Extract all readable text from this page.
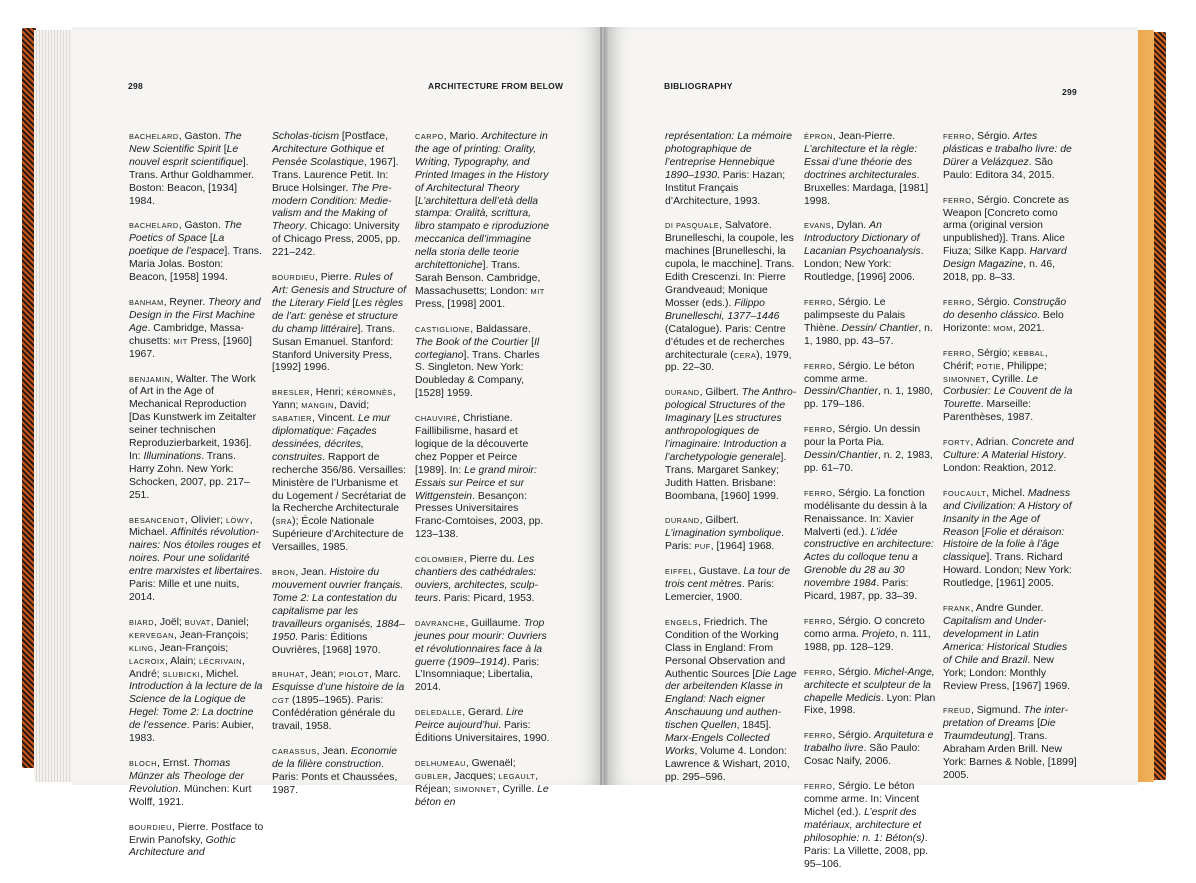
298	ARCHITECTURE FROM BELOW

BACHELARD, Gaston. The New Scientific Spirit [Le nouvel esprit scientifique]. Trans. Arthur Goldhammer. Boston: Beacon, [1934] 1984.

BACHELARD, Gaston. The Poetics of Space [La poetique de l’espace]. Trans. Maria Jolas. Boston: Beacon, [1958] 1994.

BANHAM, Reyner. Theory and Design in the First Machine Age. Cambridge, Massachusetts: MIT Press, [1960] 1967.

BENJAMIN, Walter. The Work of Art in the Age of Mechanical Reproduction [Das Kunstwerk im Zeitalter seiner technischen Reproduzierbarkeit, 1936]. In: Illuminations. Trans. Harry Zohn. New York: Schocken, 2007, pp. 217–251.

BESANCENOT, Olivier; LÖWY, Michael. Affinités révolutionnaires: Nos étoiles rouges et noires. Pour une solidarité entre marxistes et libertaires. Paris: Mille et une nuits, 2014.

BIARD, Joël; BUVAT, Daniel; KERVEGAN, Jean-François; KLING, Jean-François; LACROIX, Alain; LÉCRIVAIN, André; SLUBICKI, Michel. Introduction à la lecture de la Science de la Logique de Hegel: Tome 2: La doctrine de l’essence. Paris: Aubier, 1983.

BLOCH, Ernst. Thomas Münzer als Theologe der Revolution. München: Kurt Wolff, 1921.

BOURDIEU, Pierre. Postface to Erwin Panofsky, Gothic Architecture and

Scholas-ticism [Postface, Architecture Gothique et Pensée Scolastique, 1967]. Trans. Laurence Petit. In: Bruce Holsinger. The Premodern Condition: Medievalism and the Making of Theory. Chicago: University of Chicago Press, 2005, pp. 221–242.

BOURDIEU, Pierre. Rules of Art: Genesis and Structure of the Literary Field [Les règles de l’art: genèse et structure du champ littéraire]. Trans. Susan Emanuel. Stanford: Stanford University Press, [1992] 1996.

BRESLER, Henri; KÉROMNÈS, Yann; MANGIN, David; SABATIER, Vincent. Le mur diplomatique: Façades dessinées, décrites, construites. Rapport de recherche 356/86. Versailles: Ministère de l’Urbanisme et du Logement / Secrétariat de la Recherche Architecturale (SRA); École Nationale Supérieure d’Architecture de Versailles, 1985.

BRON, Jean. Histoire du mouvement ouvrier français. Tome 2: La contestation du capitalisme par les travailleurs organisés, 1884–1950. Paris: Éditions Ouvrières, [1968] 1970.

BRUHAT, Jean; PIOLOT, Marc. Esquisse d’une histoire de la CGT (1895–1965). Paris: Confédération générale du travail, 1958.

CARASSUS, Jean. Economie de la filière construction. Paris: Ponts et Chaussées, 1987.

CARPO, Mario. Architecture in the age of printing: Orality, Writing, Typography, and Printed Images in the History of Architectural Theory [L’architettura dell’età della stampa: Oralità, scrittura, libro stampato e riproduzione meccanica dell’immagine nella storia delle teorie architettoniche]. Trans. Sarah Benson. Cambridge, Massachusetts; London: MIT Press, [1998] 2001.

CASTIGLIONE, Baldassare. The Book of the Courtier [Il cortegiano]. Trans. Charles S. Singleton. New York: Doubleday & Company, [1528] 1959.

CHAUVIRÉ, Christiane. Faillibilisme, hasard et logique de la découverte chez Popper et Peirce [1989]. In: Le grand miroir: Essais sur Peirce et sur Wittgenstein. Besançon: Presses Universitaires Franc-Comtoises, 2003, pp. 123–138.

COLOMBIER, Pierre du. Les chantiers des cathédrales: ouviers, architectes, sculpteurs. Paris: Picard, 1953.

DAVRANCHE, Guillaume. Trop jeunes pour mourir: Ouvriers et révolutionnaires face à la guerre (1909–1914). Paris: L’Insomniaque; Libertalia, 2014.

DELEDALLE, Gerard. Lire Peirce aujourd’hui. Paris: Éditions Universitaires, 1990.

DELHUMEAU, Gwenaël; GUBLER, Jacques; LEGAULT, Réjean; SIMONNET, Cyrille. Le béton en

BIBLIOGRAPHY
299

représentation: La mémoire photographique de l’entreprise Hennebique 1890–1930. Paris: Hazan; Institut Français d’Architecture, 1993.

DI PASQUALE, Salvatore. Brunelleschi, la coupole, les machines [Brunelleschi, la cupola, le macchine]. Trans. Edith Crescenzi. In: Pierre Grandveaud; Monique Mosser (eds.). Filippo Brunelleschi, 1377–1446 (Catalogue). Paris: Centre d’études et de recherches architecturale (CERA), 1979, pp. 22–30.

DURAND, Gilbert. The Anthropological Structures of the Imaginary [Les structures anthropologiques de l’imaginaire: Introduction a l’archetypologie generale]. Trans. Margaret Sankey; Judith Hatten. Brisbane: Boombana, [1960] 1999.

DURAND, Gilbert. L’imagination symbolique. Paris: PUF, [1964] 1968.

EIFFEL, Gustave. La tour de trois cent mètres. Paris: Lemercier, 1900.

ENGELS, Friedrich. The Condition of the Working Class in England: From Personal Observation and Authentic Sources [Die Lage der arbeitenden Klasse in England: Nach eigner Anschauung und authentischen Quellen, 1845]. Marx-Engels Collected Works, Volume 4. London: Lawrence & Wishart, 2010, pp. 295–596.

ÉPRON, Jean-Pierre. L’architecture et la règle: Essai d’une théorie des doctrines architecturales. Bruxelles: Mardaga, [1981] 1998.

EVANS, Dylan. An Introductory Dictionary of Lacanian Psychoanalysis. London; New York: Routledge, [1996] 2006.

FERRO, Sérgio. Le palimpseste du Palais Thiène. Dessin/ Chantier, n. 1, 1980, pp. 43–57.

FERRO, Sérgio. Le béton comme arme. Dessin/Chantier, n. 1, 1980, pp. 179–186.

FERRO, Sérgio. Un dessin pour la Porta Pia. Dessin/Chantier, n. 2, 1983, pp. 61–70.

FERRO, Sérgio. La fonction modélisante du dessin à la Renaissance. In: Xavier Malverti (ed.). L’idée constructive en architecture: Actes du colloque tenu a Grenoble du 28 au 30 novembre 1984. Paris: Picard, 1987, pp. 33–39.

FERRO, Sérgio. O concreto como arma. Projeto, n. 111, 1988, pp. 128–129.

FERRO, Sérgio. Michel-Ange, architecte et sculpteur de la chapelle Medicis. Lyon: Plan Fixe, 1998.

FERRO, Sérgio. Arquitetura e trabalho livre. São Paulo: Cosac Naify, 2006.

FERRO, Sérgio. Le béton comme arme. In: Vincent Michel (ed.). L’esprit des matériaux, architecture et philosophie: n. 1: Béton(s). Paris: La Villette, 2008, pp. 95–106.

FERRO, Sérgio. Artes plásticas e trabalho livre: de Dürer a Velázquez. São Paulo: Editora 34, 2015.

FERRO, Sérgio. Concrete as Weapon [Concreto como arma (original version unpublished)]. Trans. Alice Fiuza; Silke Kapp. Harvard Design Magazine, n. 46, 2018, pp. 8–33.

FERRO, Sérgio. Construção do desenho clássico. Belo Horizonte: MOM, 2021.

FERRO, Sérgio; KEBBAL, Chérif; POTIE, Philippe; SIMONNET, Cyrille. Le Corbusier: Le Couvent de la Tourette. Marseille: Parenthèses, 1987.

FORTY, Adrian. Concrete and Culture: A Material History. London: Reaktion, 2012.

FOUCAULT, Michel. Madness and Civilization: A History of Insanity in the Age of Reason [Folie et déraison: Histoire de la folie à l’âge classique]. Trans. Richard Howard. London; New York: Routledge, [1961] 2005.

FRANK, Andre Gunder. Capitalism and Underdevelopment in Latin America: Historical Studies of Chile and Brazil. New York; London: Monthly Review Press, [1967] 1969.

FREUD, Sigmund. The interpretation of Dreams [Die Traumdeutung]. Trans. Abraham Arden Brill. New York: Barnes & Noble, [1899] 2005.
